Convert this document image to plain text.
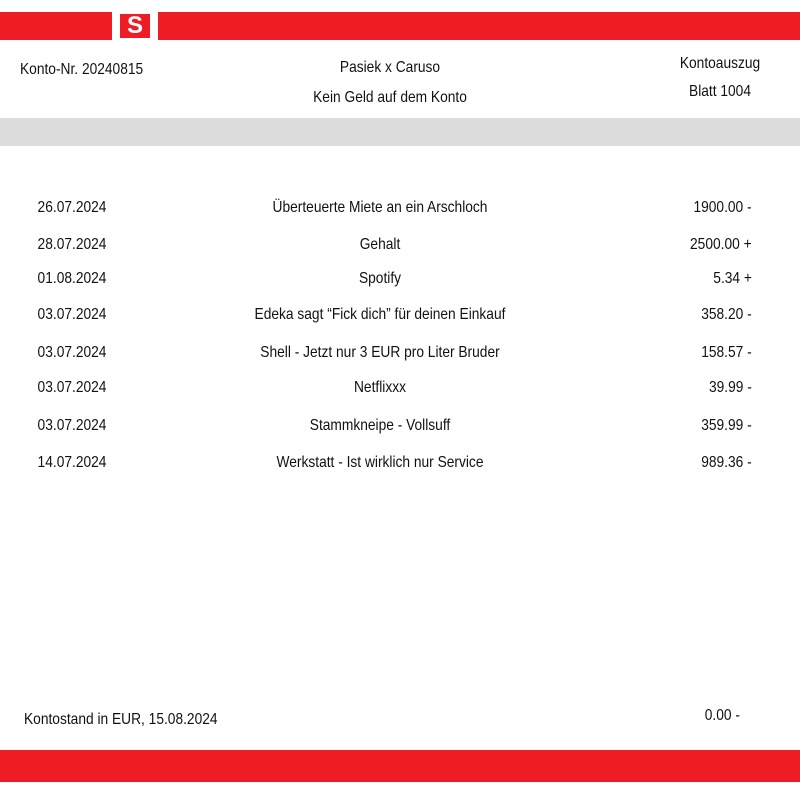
S
Konto-Nr. 20240815	Pasiek x Caruso
Kein Geld auf dem Konto
Kontoauszug
Blatt 1004
26.07.2024	Überteuerte Miete an ein Arschloch	1900.00 -
28.07.2024	Gehalt	2500.00 +
01.08.2024	Spotify	5.34 +
03.07.2024	Edeka sagt “Fick dich” für deinen Einkauf	358.20 -
03.07.2024	Shell - Jetzt nur 3 EUR pro Liter Bruder	158.57 -
03.07.2024	Netflixxx	39.99 -
03.07.2024	Stammkneipe - Vollsuff	359.99 -
14.07.2024	Werkstatt - Ist wirklich nur Service	989.36 -
Kontostand in EUR, 15.08.2024	0.00 -
